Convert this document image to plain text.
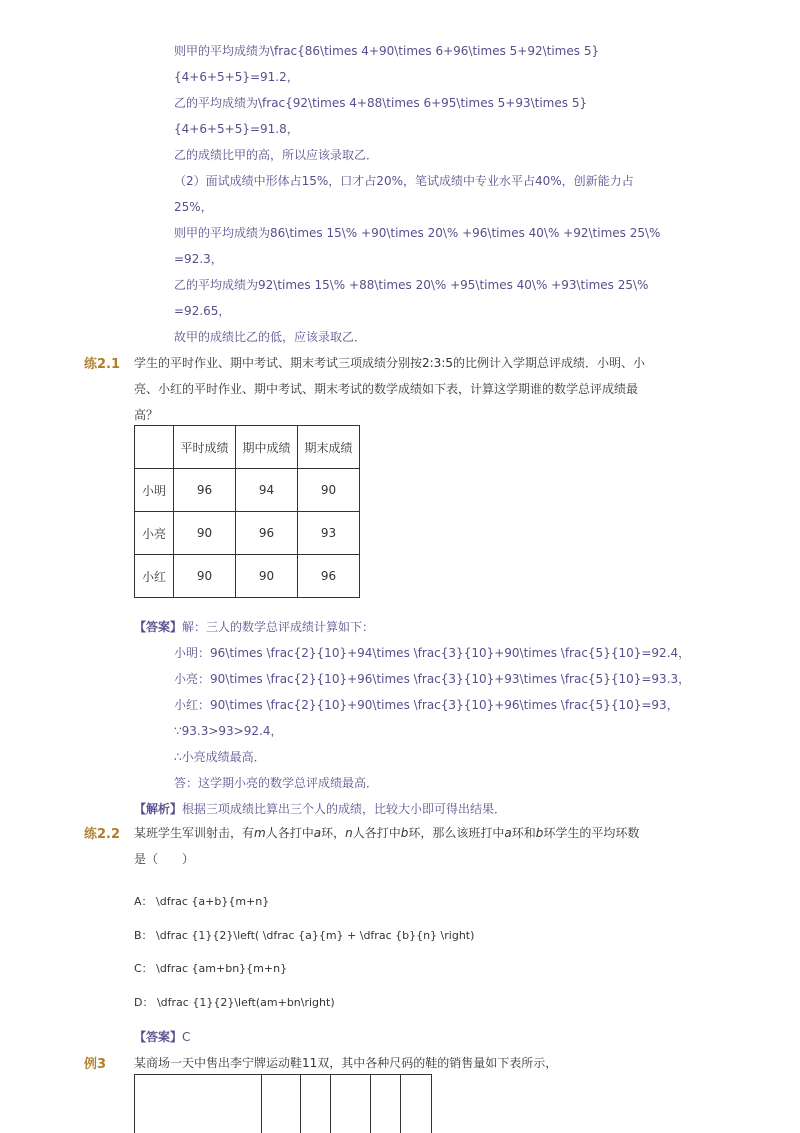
则甲的平均成绩为\frac{86\times 4+90\times 6+96\times 5+92\times 5}
{4+6+5+5}=91.2，
乙的平均成绩为\frac{92\times 4+88\times 6+95\times 5+93\times 5}
{4+6+5+5}=91.8，
乙的成绩比甲的高，所以应该录取乙．
（2）面试成绩中形体占15%，口才占20%，笔试成绩中专业水平占40%，创新能力占
25%，
则甲的平均成绩为86\times 15\% +90\times 20\% +96\times 40\% +92\times 25\%
=92.3，
乙的平均成绩为92\times 15\% +88\times 20\% +95\times 40\% +93\times 25\%
=92.65，
故甲的成绩比乙的低，应该录取乙．
练2.1 学生的平时作业、期中考试、期末考试三项成绩分别按2:3:5的比例计入学期总评成绩．小明、小
亮、小红的平时作业、期中考试、期末考试的数学成绩如下表，计算这学期谁的数学总评成绩最
高？
	平时成绩	期中成绩	期末成绩
小明	96	94	90
小亮	90	96	93
小红	90	90	96
【答案】解：三人的数学总评成绩计算如下：
小明：96\times \frac{2}{10}+94\times \frac{3}{10}+90\times \frac{5}{10}=92.4，
小亮：90\times \frac{2}{10}+96\times \frac{3}{10}+93\times \frac{5}{10}=93.3，
小红：90\times \frac{2}{10}+90\times \frac{3}{10}+96\times \frac{5}{10}=93，
∵93.3>93>92.4，
∴小亮成绩最高．
答：这学期小亮的数学总评成绩最高．
【解析】根据三项成绩比算出三个人的成绩，比较大小即可得出结果．
练2.2 某班学生军训射击，有m人各打中a环，n人各打中b环，那么该班打中a环和b环学生的平均环数
是（　　）
A： \dfrac {a+b}{m+n}
B： \dfrac {1}{2}\left( \dfrac {a}{m} + \dfrac {b}{n} \right)
C： \dfrac {am+bn}{m+n}
D： \dfrac {1}{2}\left(am+bn\right)
【答案】C
例3 某商场一天中售出李宁牌运动鞋11双，其中各种尺码的鞋的销售量如下表所示，
